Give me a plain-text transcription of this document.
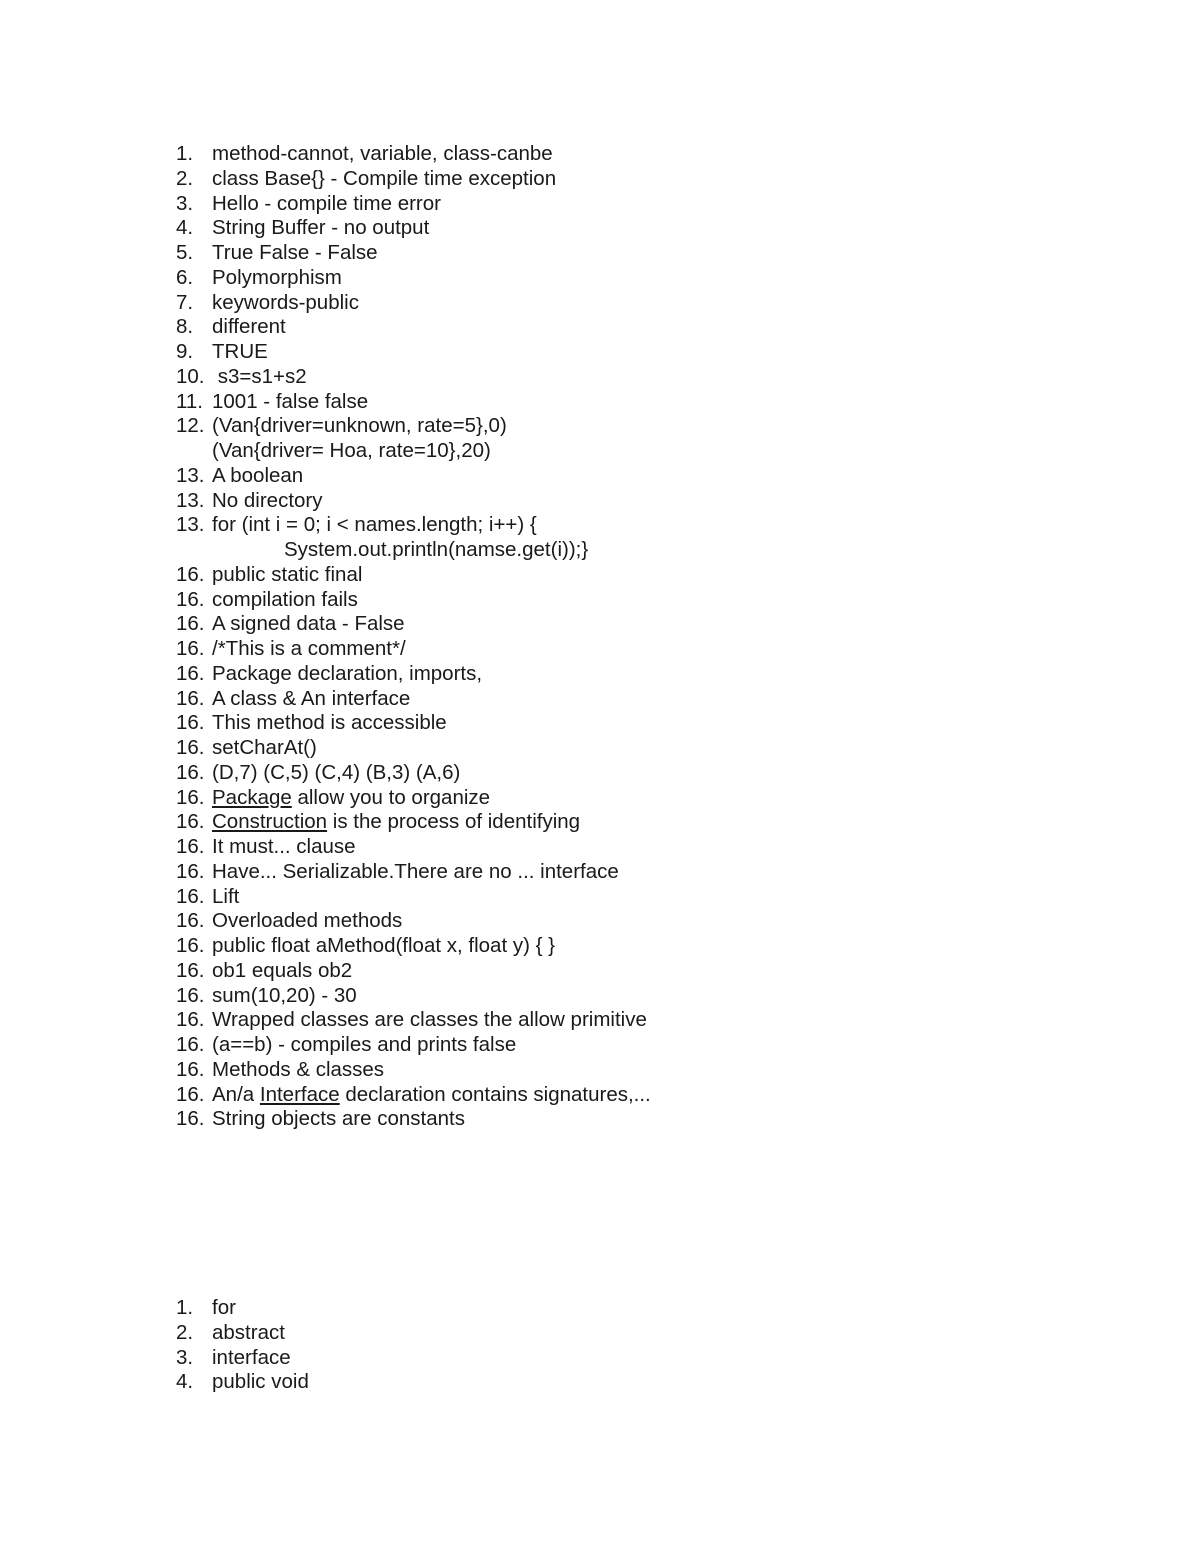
1. method-cannot, variable, class-canbe
2. class Base{} - Compile time exception
3. Hello - compile time error
4. String Buffer - no output
5. True False - False
6. Polymorphism
7. keywords-public
8. different
9. TRUE
10. s3=s1+s2
11. 1001 - false false
12. (Van{driver=unknown, rate=5},0)
(Van{driver= Hoa, rate=10},20)
13. A boolean
13. No directory
13. for (int i = 0; i < names.length; i++) {
System.out.println(namse.get(i));}
16. public static final
16. compilation fails
16. A signed data - False
16. /*This is a comment*/
16. Package declaration, imports,
16. A class & An interface
16. This method is accessible
16. setCharAt()
16. (D,7) (C,5) (C,4) (B,3) (A,6)
16. Package allow you to organize
16. Construction is the process of identifying
16. It must... clause
16. Have... Serializable.There are no ... interface
16. Lift
16. Overloaded methods
16. public float aMethod(float x, float y) { }
16. ob1 equals ob2
16. sum(10,20) - 30
16. Wrapped classes are classes the allow primitive
16. (a==b) - compiles and prints false
16. Methods & classes
16. An/a Interface declaration contains signatures,...
16. String objects are constants
1. for
2. abstract
3. interface
4. public void
